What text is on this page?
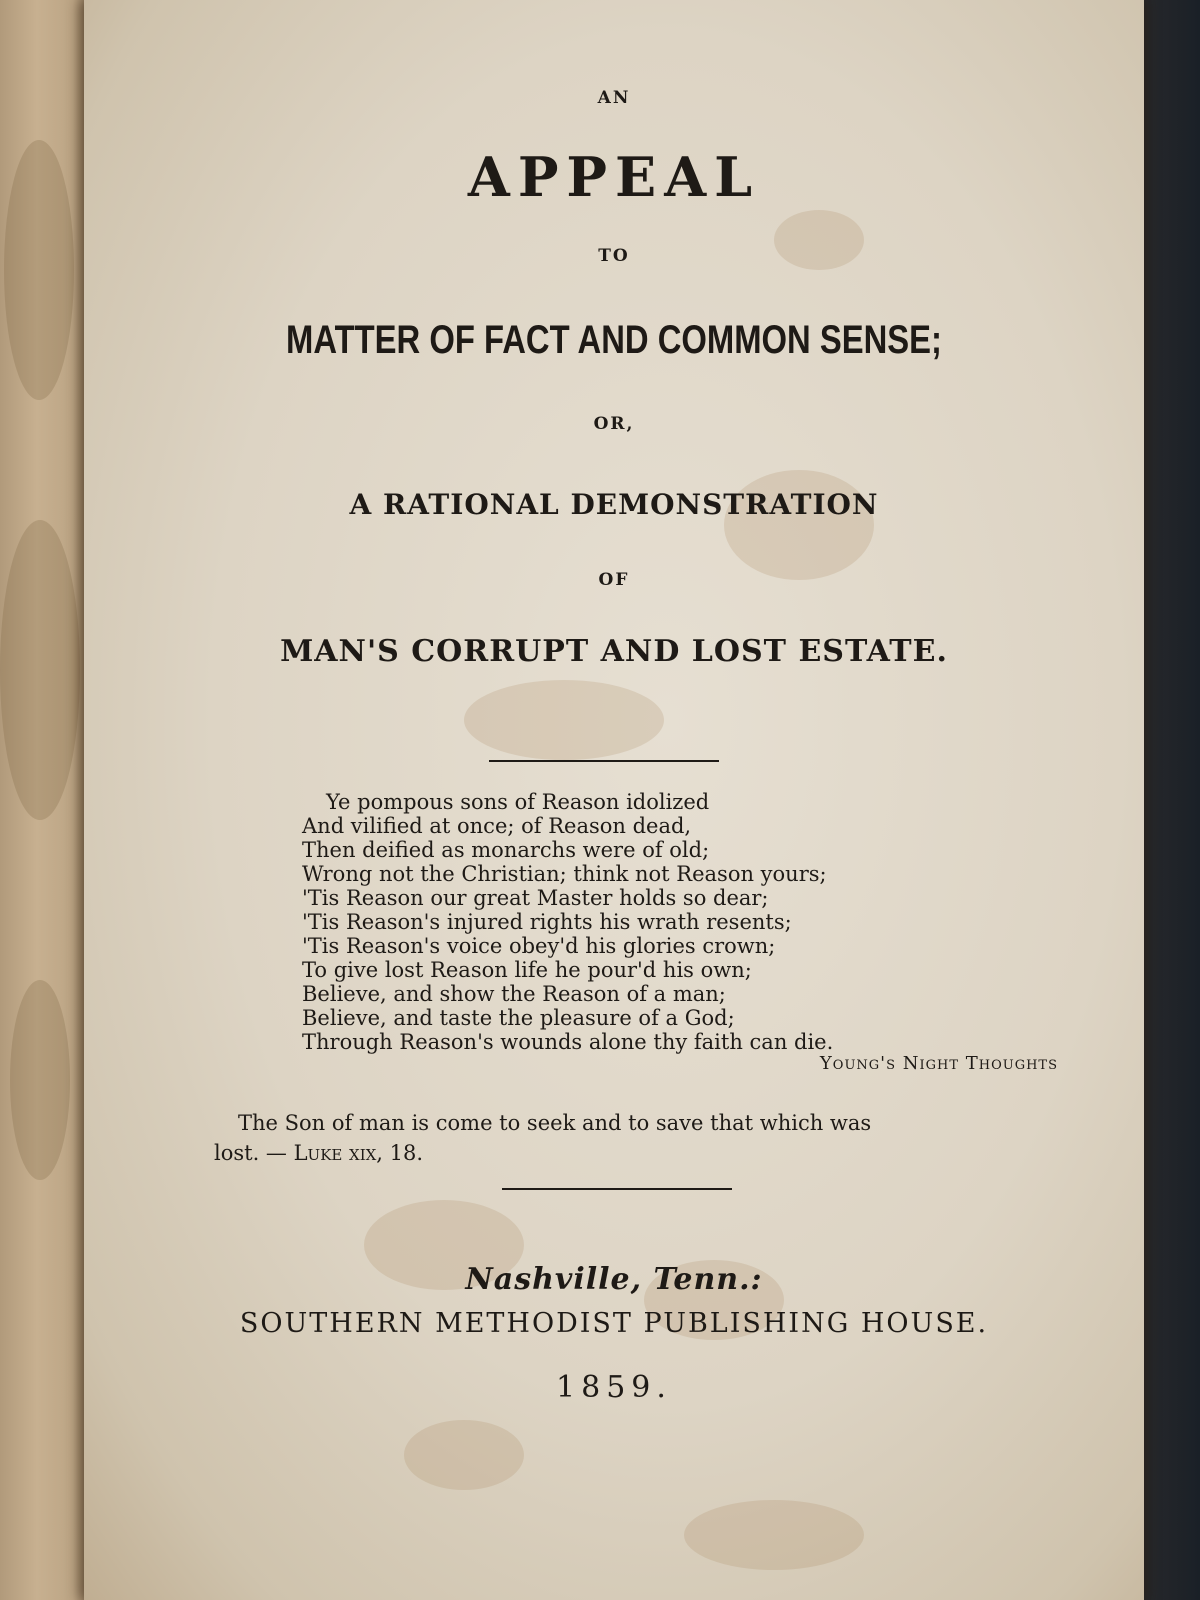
AN
APPEAL
TO
MATTER OF FACT AND COMMON SENSE;
OR,
A RATIONAL DEMONSTRATION
OF
MAN'S CORRUPT AND LOST ESTATE.
Ye pompous sons of Reason idolized
And vilified at once; of Reason dead,
Then deified as monarchs were of old;
Wrong not the Christian; think not Reason yours;
'Tis Reason our great Master holds so dear;
'Tis Reason's injured rights his wrath resents;
'Tis Reason's voice obey'd his glories crown;
To give lost Reason life he pour'd his own;
Believe, and show the Reason of a man;
Believe, and taste the pleasure of a God;
Through Reason's wounds alone thy faith can die.
Young's Night Thoughts
The Son of man is come to seek and to save that which was
lost. — Luke xix, 18.
Nashville, Tenn.:
SOUTHERN METHODIST PUBLISHING HOUSE.
1859.
